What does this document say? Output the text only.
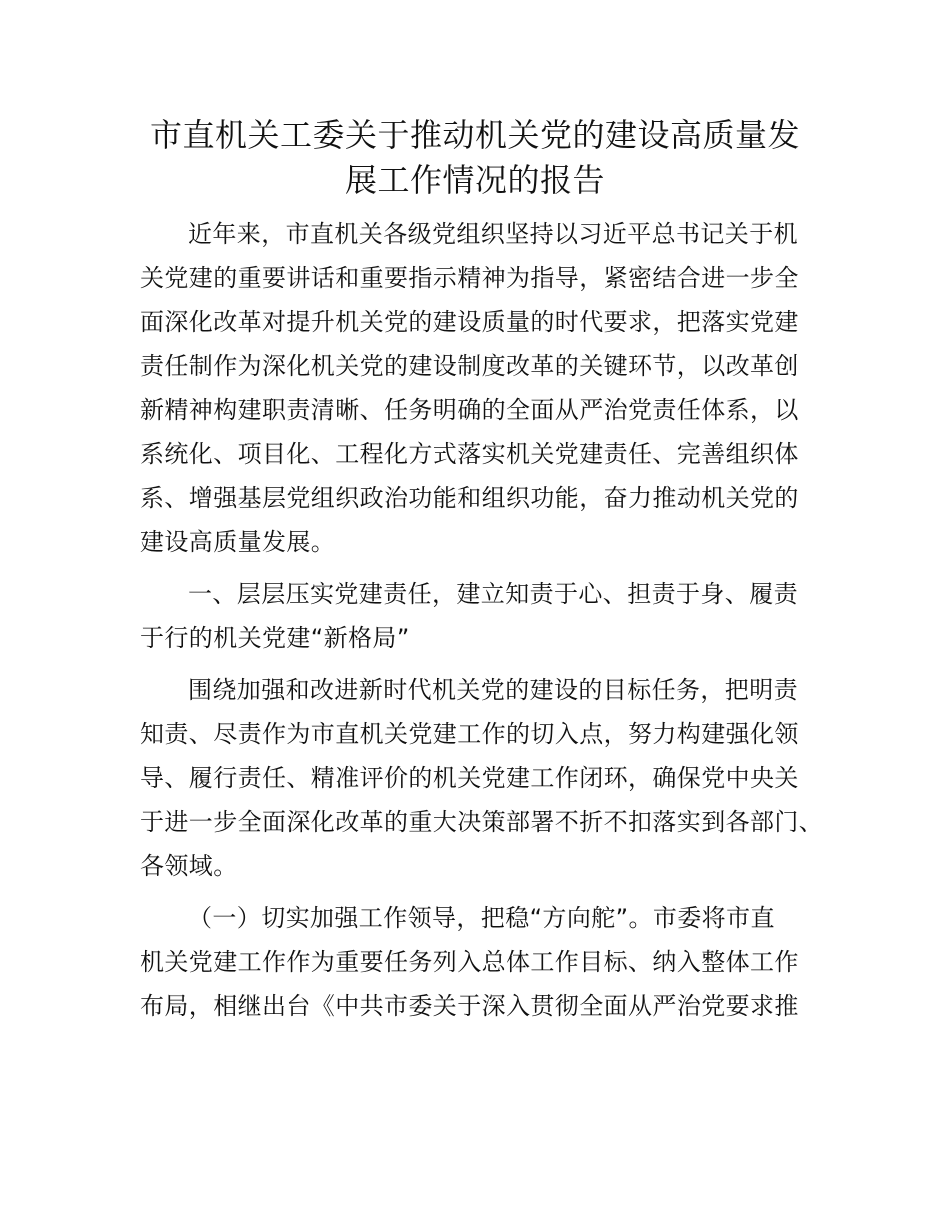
市直机关工委关于推动机关党的建设高质量发
展工作情况的报告
近年来，市直机关各级党组织坚持以习近平总书记关于机
关党建的重要讲话和重要指示精神为指导，紧密结合进一步全
面深化改革对提升机关党的建设质量的时代要求，把落实党建
责任制作为深化机关党的建设制度改革的关键环节，以改革创
新精神构建职责清晰、任务明确的全面从严治党责任体系，以
系统化、项目化、工程化方式落实机关党建责任、完善组织体
系、增强基层党组织政治功能和组织功能，奋力推动机关党的
建设高质量发展。
一、层层压实党建责任，建立知责于心、担责于身、履责
于行的机关党建“新格局”
围绕加强和改进新时代机关党的建设的目标任务，把明责
知责、尽责作为市直机关党建工作的切入点，努力构建强化领
导、履行责任、精准评价的机关党建工作闭环，确保党中央关
于进一步全面深化改革的重大决策部署不折不扣落实到各部门、
各领域。
（一）切实加强工作领导，把稳“方向舵”。市委将市直
机关党建工作作为重要任务列入总体工作目标、纳入整体工作
布局，相继出台《中共市委关于深入贯彻全面从严治党要求推
